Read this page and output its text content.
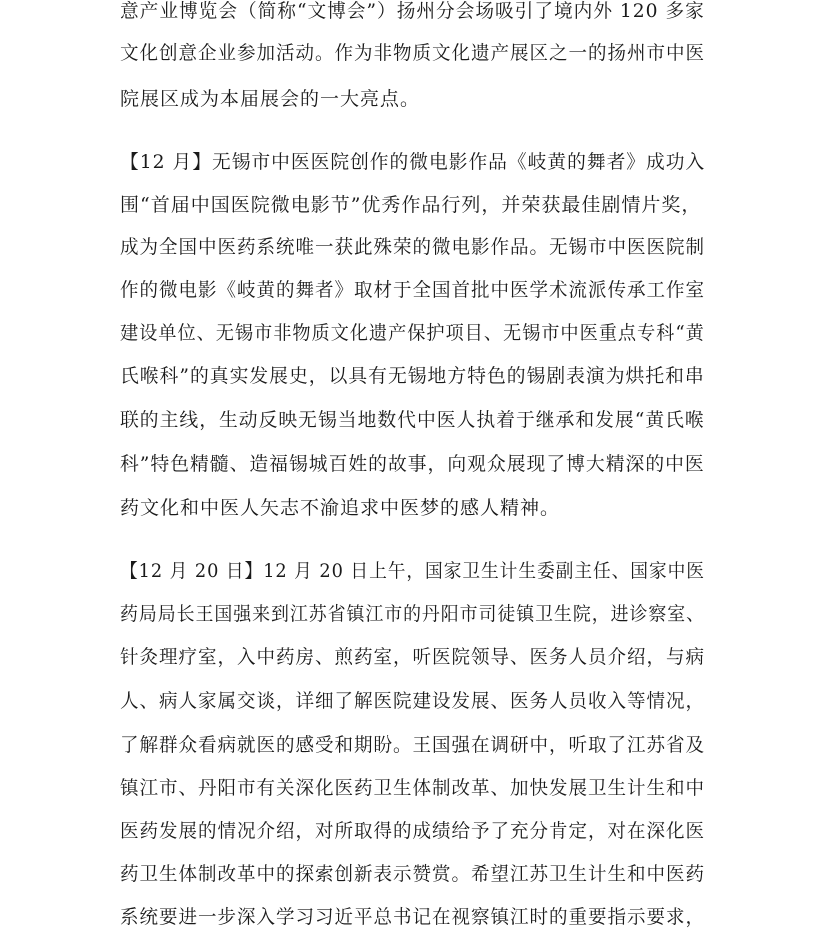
意产业博览会（简称“文博会”）扬州分会场吸引了境内外 120 多家
文化创意企业参加活动。作为非物质文化遗产展区之一的扬州市中医
院展区成为本届展会的一大亮点。
【12 月】无锡市中医医院创作的微电影作品《岐黄的舞者》成功入
围“首届中国医院微电影节”优秀作品行列，并荣获最佳剧情片奖，
成为全国中医药系统唯一获此殊荣的微电影作品。无锡市中医医院制
作的微电影《岐黄的舞者》取材于全国首批中医学术流派传承工作室
建设单位、无锡市非物质文化遗产保护项目、无锡市中医重点专科“黄
氏喉科”的真实发展史，以具有无锡地方特色的锡剧表演为烘托和串
联的主线，生动反映无锡当地数代中医人执着于继承和发展“黄氏喉
科”特色精髓、造福锡城百姓的故事，向观众展现了博大精深的中医
药文化和中医人矢志不渝追求中医梦的感人精神。
【12 月 20 日】12 月 20 日上午，国家卫生计生委副主任、国家中医
药局局长王国强来到江苏省镇江市的丹阳市司徒镇卫生院，进诊察室、
针灸理疗室，入中药房、煎药室，听医院领导、医务人员介绍，与病
人、病人家属交谈，详细了解医院建设发展、医务人员收入等情况，
了解群众看病就医的感受和期盼。王国强在调研中，听取了江苏省及
镇江市、丹阳市有关深化医药卫生体制改革、加快发展卫生计生和中
医药发展的情况介绍，对所取得的成绩给予了充分肯定，对在深化医
药卫生体制改革中的探索创新表示赞赏。希望江苏卫生计生和中医药
系统要进一步深入学习习近平总书记在视察镇江时的重要指示要求，
